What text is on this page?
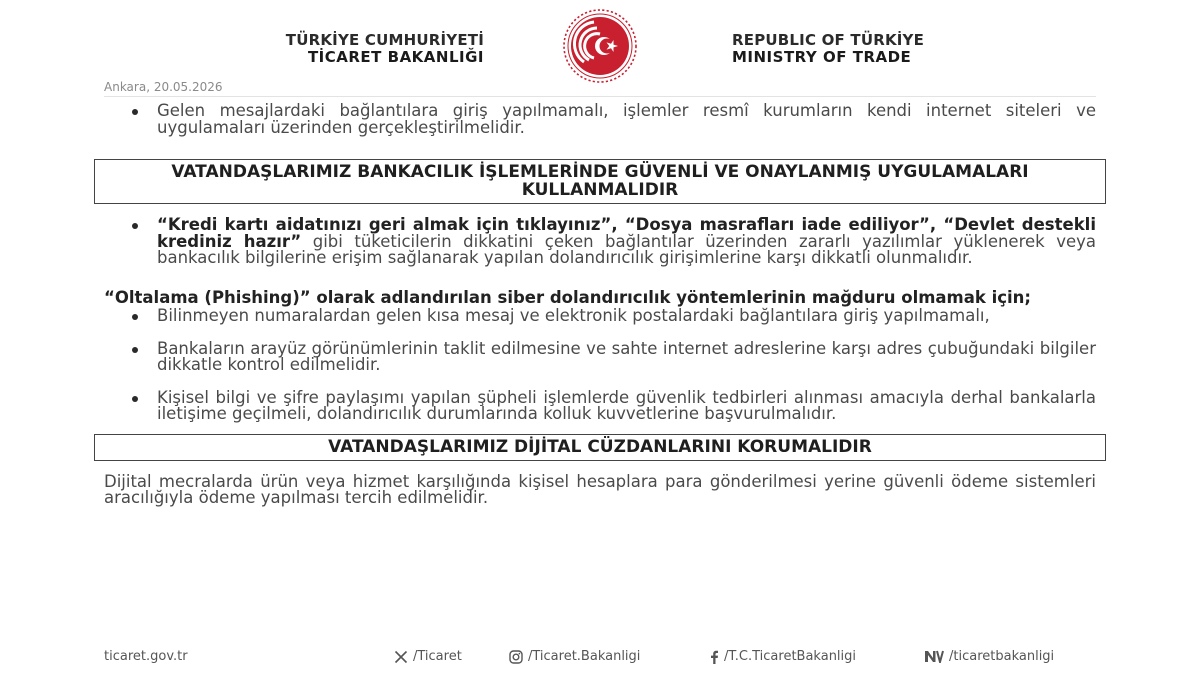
TÜRKİYE CUMHURİYETİ
TİCARET BAKANLIĞI
REPUBLIC OF TÜRKİYE
MINISTRY OF TRADE
Ankara, 20.05.2026
Gelen mesajlardaki bağlantılara giriş yapılmamalı, işlemler resmî kurumların kendi internet siteleri ve uygulamaları üzerinden gerçekleştirilmelidir.
VATANDAŞLARIMIZ BANKACILIK İŞLEMLERİNDE GÜVENLİ VE ONAYLANMIŞ UYGULAMALARI KULLANMALIDIR
“Kredi kartı aidatınızı geri almak için tıklayınız”, “Dosya masrafları iade ediliyor”, “Devlet destekli krediniz hazır” gibi tüketicilerin dikkatini çeken bağlantılar üzerinden zararlı yazılımlar yüklenerek veya bankacılık bilgilerine erişim sağlanarak yapılan dolandırıcılık girişimlerine karşı dikkatli olunmalıdır.
“Oltalama (Phishing)” olarak adlandırılan siber dolandırıcılık yöntemlerinin mağduru olmamak için;
Bilinmeyen numaralardan gelen kısa mesaj ve elektronik postalardaki bağlantılara giriş yapılmamalı,
Bankaların arayüz görünümlerinin taklit edilmesine ve sahte internet adreslerine karşı adres çubuğundaki bilgiler dikkatle kontrol edilmelidir.
Kişisel bilgi ve şifre paylaşımı yapılan şüpheli işlemlerde güvenlik tedbirleri alınması amacıyla derhal bankalarla iletişime geçilmeli, dolandırıcılık durumlarında kolluk kuvvetlerine başvurulmalıdır.
VATANDAŞLARIMIZ DİJİTAL CÜZDANLARINI KORUMALIDIR
Dijital mecralarda ürün veya hizmet karşılığında kişisel hesaplara para gönderilmesi yerine güvenli ödeme sistemleri aracılığıyla ödeme yapılması tercih edilmelidir.
ticaret.gov.tr	/Ticaret	/Ticaret.Bakanligi	/T.C.TicaretBakanligi	/ticaretbakanligi
